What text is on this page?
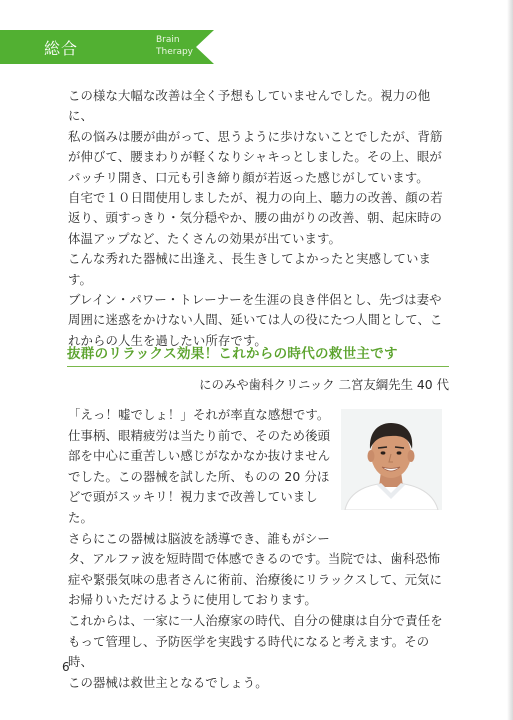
総合	Brain
Therapy

この様な大幅な改善は全く予想もしていませんでした。視力の他に、

私の悩みは腰が曲がって、思うように歩けないことでしたが、背筋

が伸びて、腰まわりが軽くなりシャキっとしました。その上、眼が

パッチリ開き、口元も引き締り顔が若返った感じがしています。

自宅で１０日間使用しましたが、視力の向上、聴力の改善、顔の若

返り、頭すっきり・気分穏やか、腰の曲がりの改善、朝、起床時の

体温アップなど、たくさんの効果が出ています。

こんな秀れた器械に出逢え、長生きしてよかったと実感しています。

ブレイン・パワー・トレーナーを生涯の良き伴侶とし、先づは妻や

周囲に迷惑をかけない人間、延いては人の役にたつ人間として、こ

れからの人生を過したい所存です。

抜群のリラックス効果！これからの時代の救世主です
にのみや歯科クリニック 二宮友綱先生 40 代

「えっ！嘘でしょ！」それが率直な感想です。

仕事柄、眼精疲労は当たり前で、そのため後頭

部を中心に重苦しい感じがなかなか抜けません

でした。この器械を試した所、ものの 20 分ほ

どで頭がスッキリ！視力まで改善していました。

さらにこの器械は脳波を誘導でき、誰もがシー

タ、アルファ波を短時間で体感できるのです。当院では、歯科恐怖

症や緊張気味の患者さんに術前、治療後にリラックスして、元気に

お帰りいただけるように使用しております。

これからは、一家に一人治療家の時代、自分の健康は自分で責任を

もって管理し、予防医学を実践する時代になると考えます。その時、

この器械は救世主となるでしょう。

6
